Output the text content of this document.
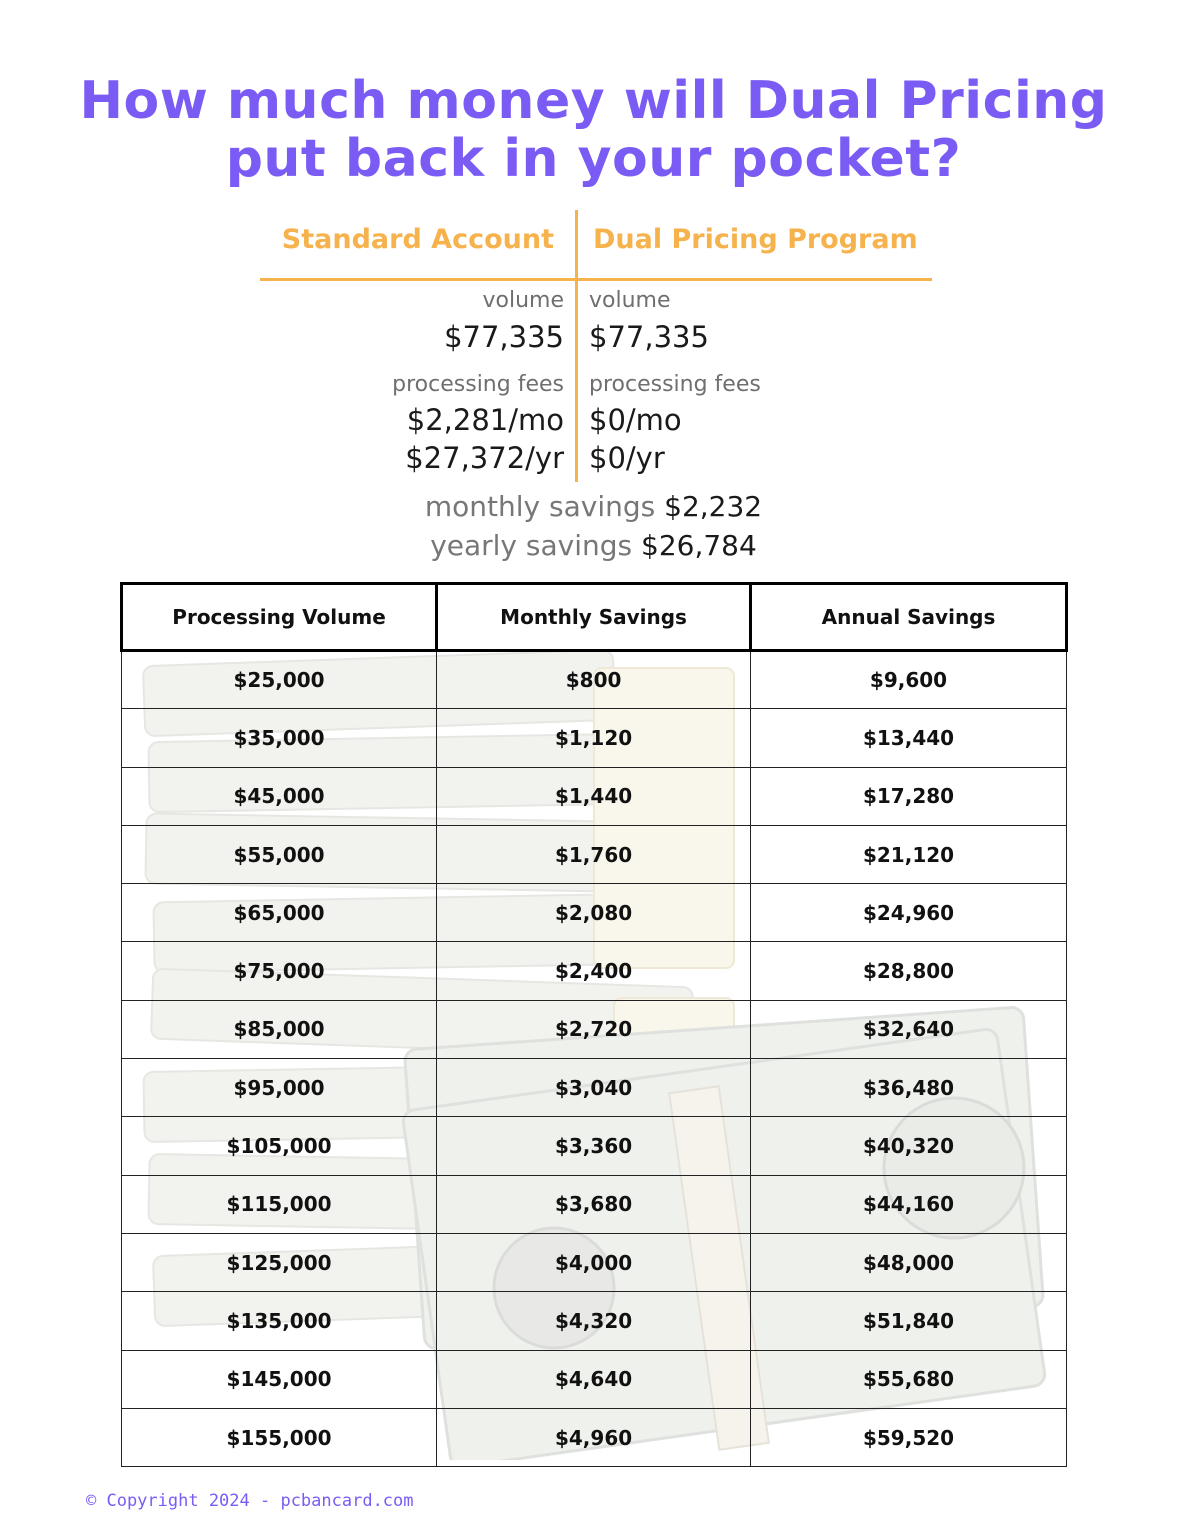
How much money will Dual Pricing
put back in your pocket?
Standard Account Dual Pricing Program
volume volume
$77,335 $77,335
processing fees processing fees
$2,281/mo $0/mo
$27,372/yr $0/yr
monthly savings $2,232
yearly savings $26,784
Processing Volume	Monthly Savings	Annual Savings
$25,000	$800	$9,600
$35,000	$1,120	$13,440
$45,000	$1,440	$17,280
$55,000	$1,760	$21,120
$65,000	$2,080	$24,960
$75,000	$2,400	$28,800
$85,000	$2,720	$32,640
$95,000	$3,040	$36,480
$105,000	$3,360	$40,320
$115,000	$3,680	$44,160
$125,000	$4,000	$48,000
$135,000	$4,320	$51,840
$145,000	$4,640	$55,680
$155,000	$4,960	$59,520
© Copyright 2024 - pcbancard.com
